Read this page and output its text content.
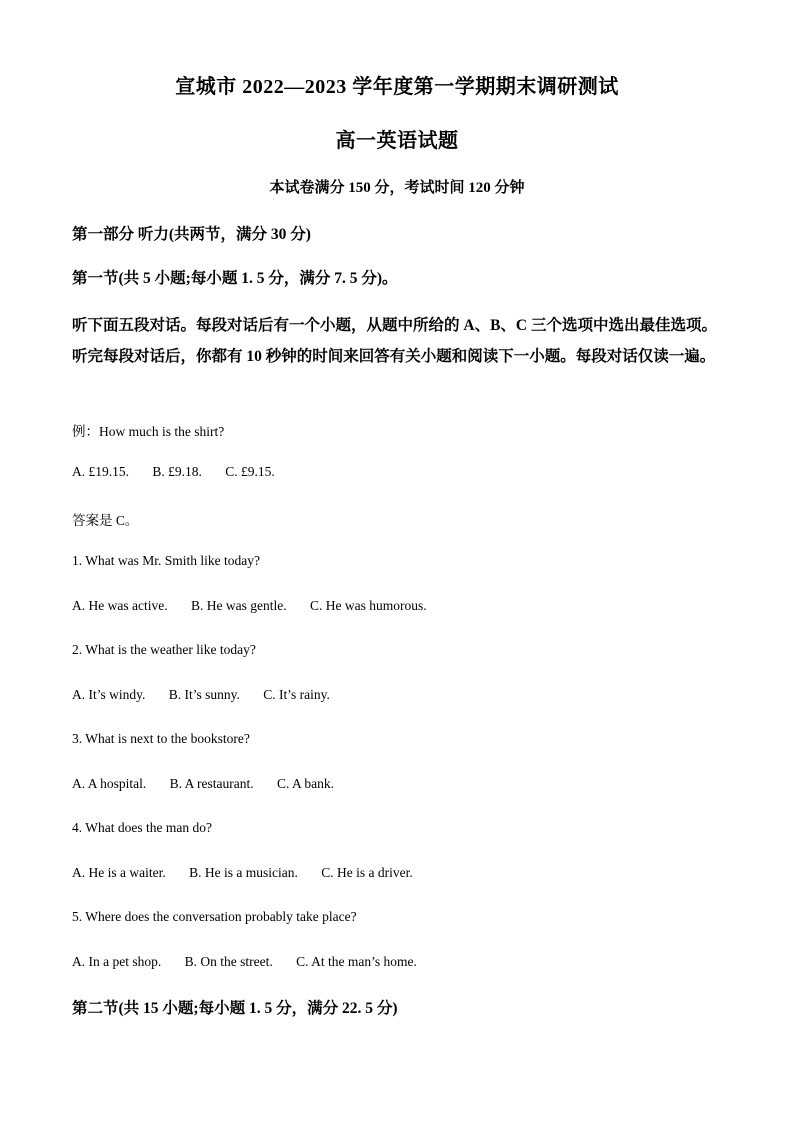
宣城市 2022—2023 学年度第一学期期末调研测试
高一英语试题
本试卷满分 150 分，考试时间 120 分钟
第一部分 听力(共两节，满分 30 分)
第一节(共 5 小题;每小题 1. 5 分，满分 7. 5 分)。
听下面五段对话。每段对话后有一个小题，从题中所给的 A、B、C 三个选项中选出最佳选项。听完每段对话后，你都有 10 秒钟的时间来回答有关小题和阅读下一小题。每段对话仅读一遍。
例：How much is the shirt?
A. £19.15. B. £9.18. C. £9.15.
答案是 C。
1. What was Mr. Smith like today?
A. He was active. B. He was gentle. C. He was humorous.
2. What is the weather like today?
A. It’s windy. B. It’s sunny. C. It’s rainy.
3. What is next to the bookstore?
A. A hospital. B. A restaurant. C. A bank.
4. What does the man do?
A. He is a waiter. B. He is a musician. C. He is a driver.
5. Where does the conversation probably take place?
A. In a pet shop. B. On the street. C. At the man’s home.
第二节(共 15 小题;每小题 1. 5 分，满分 22. 5 分)
